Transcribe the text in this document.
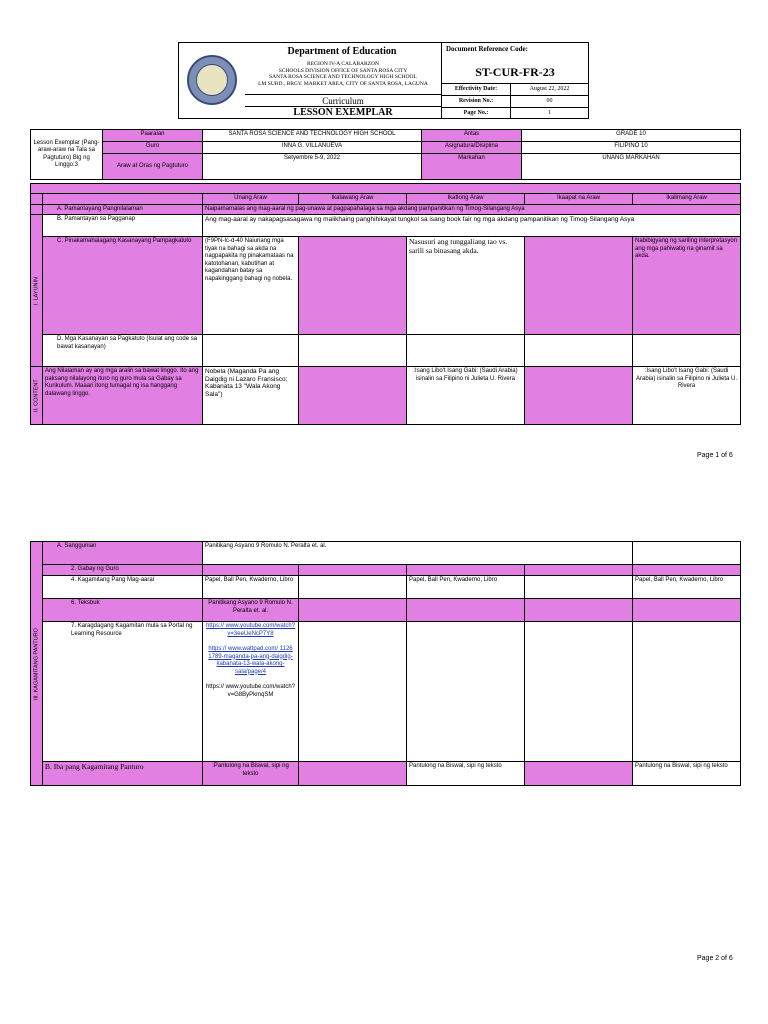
Department of Education
REGION IV-A CALABARZON
SCHOOLS DIVISION OFFICE OF SANTA ROSA CITY
SANTA ROSA SCIENCE AND TECHNOLOGY HIGH SCHOOL
LM SUBD., BRGY. MARKET AREA, CITY OF SANTA ROSA, LAGUNA
Curriculum
LESSON EXEMPLAR
Document Reference Code:
ST-CUR-FR-23
Effectivity Date:	August 22, 2022
Revision No.:	00
Page No.:	1
Lesson Exemplar (Pang-araw-araw na Tala sa Pagtuturo) Blg ng Linggo:3	Paaralan	SANTA ROSA SCIENCE AND TECHNOLOGY HIGH SCHOOL	Antas	GRADE 10
	Guro	INNA G. VILLANUEVA	Asignatura/Disiplina	FILIPINO 10
	Araw at Oras ng Pagtuturo	Setyembre 5-9, 2022	Markahan	UNANG MARKAHAN

		Unang Araw	Ikalawang Araw	Ikatlong Araw	Ikaapat na Araw	Ikalimang Araw
	A. Pamantayang Pangnilalaman	Naipamamalas ang mag-aaral ng pag-unawa at pagpapahalaga sa mga akdang pampanitikan ng Timog-Silangang Asya				
I. LAYUNIN	B. Pamantayan sa Pagganap	Ang mag-aaral ay nakapagsasagawa ng malikhaing panghihikayat tungkol sa isang book fair ng mga akdang pampanitikan ng Timog-Silangang Asya				
	C. Pinakamahalagang Kasanayang Pampagkatuto	(F9PN-Ic-d-40 Naiuriang mga tiyak na bahagi sa akda na nagpapakita ng pinakamataas na katotohanan, kabutihan at kagandahan batay sa napakinggang bahagi ng nobela.		Nasusuri ang tunggaliang tao vs. sarili sa binasang akda.		Nabibigyang ng sariling interpretasyon ang mga pahiwatig na ginamit sa akda.
	D. Mga Kasanayan sa Pagkatuto (Isulat ang code sa bawat kasanayan)					
II. CONTENT	Ang Nilalaman ay ang mga aralin sa bawat linggo. Ito ang paksang nilalayong ituro ng guro mula sa Gabay sa Kurikulum. Maaari itong tumagal ng isa hanggang dalawang linggo.	Nobela (Maganda Pa ang Daigdig ni Lazaro Fransisco; Kabanata 13 "Wala Akong Sala")		:Isang Libo't Isang Gabi: (Saudi Arabia) isinalin sa Filipino ni Julieta U. Rivera		:Isang Libo't Isang Gabi: (Saudi Arabia) isinalin sa Filipino ni Julieta U. Rivera
Page 1 of 6
III. KAGAMITANG PANTURO	A. Sanggunian	Panitikang Asyano 9 Romulo N. Peralta et. al.				
	2. Gabay ng Guro					
	4. Kagamitang Pang Mag-aaral	Papel, Ball Pen, Kwaderno, Libro		Papel, Ball Pen, Kwaderno, Libro		Papel, Ball Pen, Kwaderno, Libro
	6. Teksbuk	Panitikang Asyano 9 Romulo N. Peralta et. al.				
	7. Karagdagang Kagamitan mula sa Portal ng Learning Resource	https:// www.youtube.com/watch? v=3eeUeNcP7Y8
https:// www.wattpad.com/ 1126 1789-maganda-pa-ang-daigdig-kabanata-13-wala-akong-sala/page/4
https:// www.youtube.com/watch? v=G8ByPkmqSM				

	B. Iba pang Kagamitang Panturo	:Pantulong na Biswal, sipi ng teksto		Pantulong na Biswal, sipi ng teksto		Pantulong na Biswal, sipi ng teksto
Page 2 of 6
